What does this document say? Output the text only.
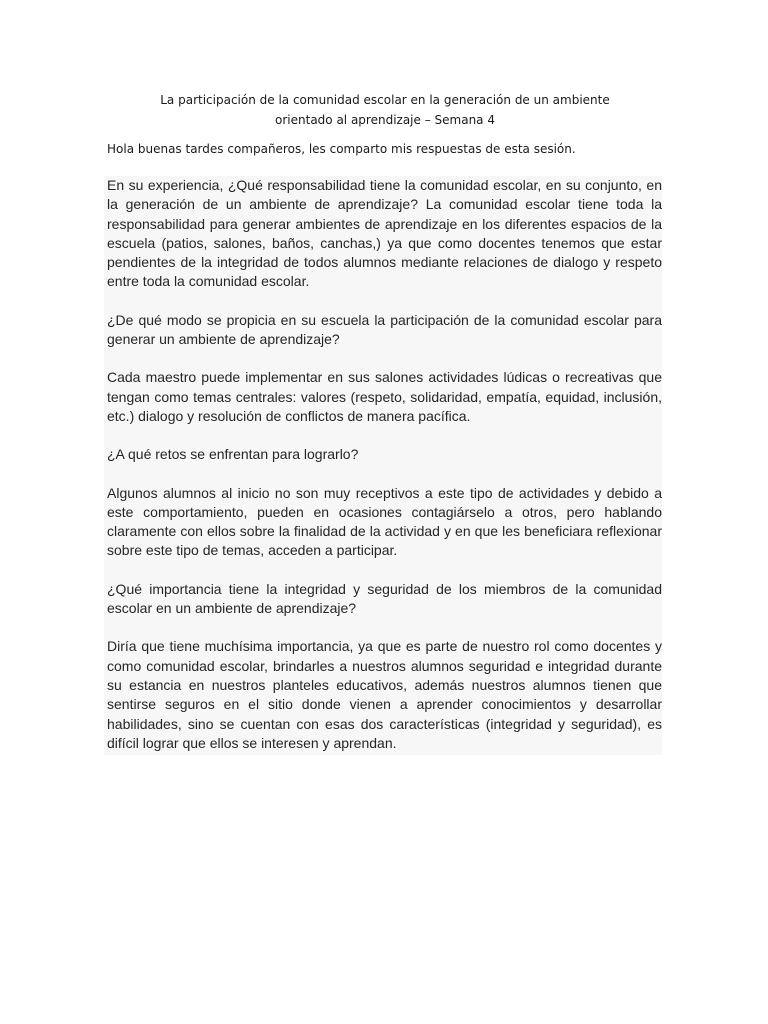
La participación de la comunidad escolar en la generación de un ambiente orientado al aprendizaje – Semana 4
Hola buenas tardes compañeros, les comparto mis respuestas de esta sesión.

En su experiencia, ¿Qué responsabilidad tiene la comunidad escolar, en su conjunto, en la generación de un ambiente de aprendizaje? La comunidad escolar tiene toda la responsabilidad para generar ambientes de aprendizaje en los diferentes espacios de la escuela (patios, salones, baños, canchas,) ya que como docentes tenemos que estar pendientes de la integridad de todos alumnos mediante relaciones de dialogo y respeto entre toda la comunidad escolar.

¿De qué modo se propicia en su escuela la participación de la comunidad escolar para generar un ambiente de aprendizaje?

Cada maestro puede implementar en sus salones actividades lúdicas o recreativas que tengan como temas centrales: valores (respeto, solidaridad, empatía, equidad, inclusión, etc.) dialogo y resolución de conflictos de manera pacífica.

¿A qué retos se enfrentan para lograrlo?

Algunos alumnos al inicio no son muy receptivos a este tipo de actividades y debido a este comportamiento, pueden en ocasiones contagiárselo a otros, pero hablando claramente con ellos sobre la finalidad de la actividad y en que les beneficiara reflexionar sobre este tipo de temas, acceden a participar.

¿Qué importancia tiene la integridad y seguridad de los miembros de la comunidad escolar en un ambiente de aprendizaje?

Diría que tiene muchísima importancia, ya que es parte de nuestro rol como docentes y como comunidad escolar, brindarles a nuestros alumnos seguridad e integridad durante su estancia en nuestros planteles educativos, además nuestros alumnos tienen que sentirse seguros en el sitio donde vienen a aprender conocimientos y desarrollar habilidades, sino se cuentan con esas dos características (integridad y seguridad), es difícil lograr que ellos se interesen y aprendan.
